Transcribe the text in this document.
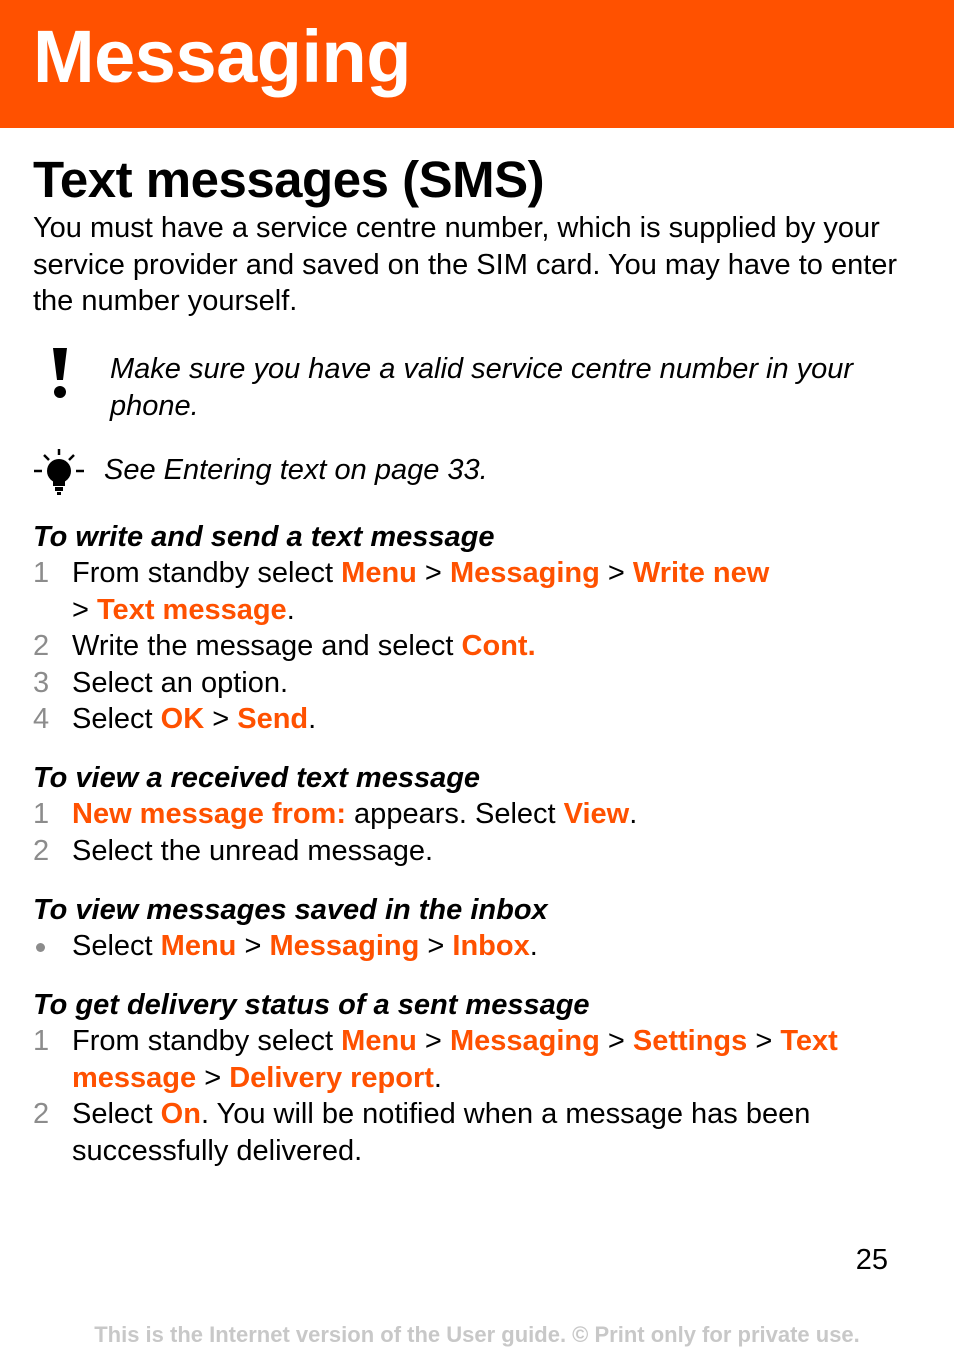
Messaging
Text messages (SMS)

You must have a service centre number, which is supplied by your service provider and saved on the SIM card. You may have to enter the number yourself.

Make sure you have a valid service centre number in your phone.

See Entering text on page 33.

To write and send a text message
1 From standby select Menu > Messaging > Write new
> Text message.
2 Write the message and select Cont.
3 Select an option.
4 Select OK > Send.
To view a received text message
1 New message from: appears. Select View.
2 Select the unread message.
To view messages saved in the inbox
Select Menu > Messaging > Inbox.
To get delivery status of a sent message
1 From standby select Menu > Messaging > Settings > Text message > Delivery report.
2 Select On. You will be notified when a message has been successfully delivered.
25
This is the Internet version of the User guide. © Print only for private use.
